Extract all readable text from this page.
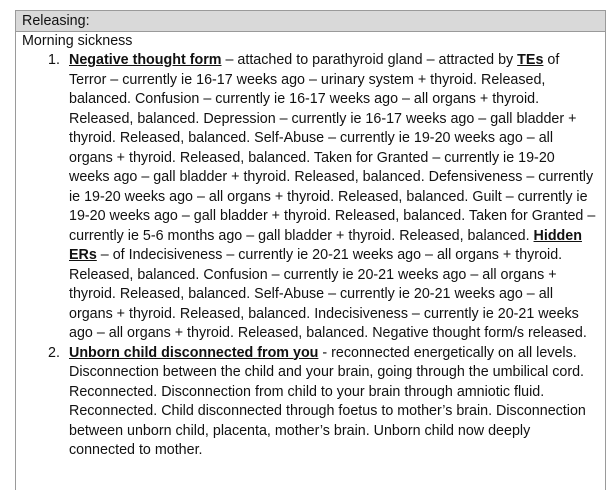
Releasing:
Morning sickness
1. Negative thought form – attached to parathyroid gland – attracted by TEs of Terror – currently ie 16-17 weeks ago – urinary system + thyroid. Released, balanced. Confusion – currently ie 16-17 weeks ago – all organs + thyroid. Released, balanced. Depression – currently ie 16-17 weeks ago – gall bladder + thyroid. Released, balanced. Self-Abuse – currently ie 19-20 weeks ago – all organs + thyroid. Released, balanced. Taken for Granted – currently ie 19-20 weeks ago – gall bladder + thyroid. Released, balanced. Defensiveness – currently ie 19-20 weeks ago – all organs + thyroid. Released, balanced. Guilt – currently ie 19-20 weeks ago – gall bladder + thyroid. Released, balanced. Taken for Granted – currently ie 5-6 months ago – gall bladder + thyroid. Released, balanced. Hidden ERs – of Indecisiveness – currently ie 20-21 weeks ago – all organs + thyroid. Released, balanced. Confusion – currently ie 20-21 weeks ago – all organs + thyroid. Released, balanced. Self-Abuse – currently ie 20-21 weeks ago – all organs + thyroid. Released, balanced. Indecisiveness – currently ie 20-21 weeks ago – all organs + thyroid. Released, balanced. Negative thought form/s released.
2. Unborn child disconnected from you - reconnected energetically on all levels. Disconnection between the child and your brain, going through the umbilical cord. Reconnected. Disconnection from child to your brain through amniotic fluid. Reconnected. Child disconnected through foetus to mother’s brain. Disconnection between unborn child, placenta, mother’s brain. Unborn child now deeply connected to mother.
